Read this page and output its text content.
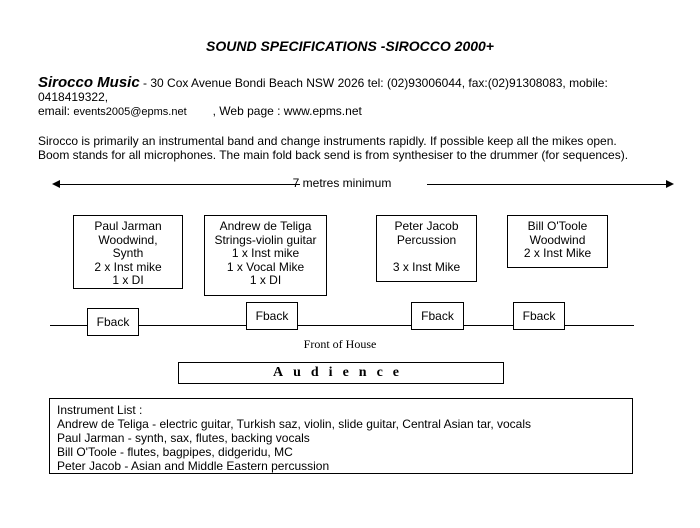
SOUND SPECIFICATIONS -SIROCCO 2000+
Sirocco Music - 30 Cox Avenue Bondi Beach NSW 2026 tel: (02)93006044, fax:(02)91308083, mobile:
0418419322,
email: events2005@epms.net , Web page : www.epms.net
Sirocco is primarily an instrumental band and change instruments rapidly. If possible keep all the mikes open.
Boom stands for all microphones. The main fold back send is from synthesiser to the drummer (for sequences).
7 metres minimum
Paul Jarman
Woodwind,
Synth
2 x Inst mike
1 x DI
Andrew de Teliga
Strings-violin guitar
1 x Inst mike
1 x Vocal Mike
1 x DI
Peter Jacob
Percussion
3 x Inst Mike
Bill O'Toole
Woodwind
2 x Inst Mike
Fback	Fback	Fback	Fback
Front of House
Audience
Instrument List :
Andrew de Teliga - electric guitar, Turkish saz, violin, slide guitar, Central Asian tar, vocals
Paul Jarman - synth, sax, flutes, backing vocals
Bill O'Toole - flutes, bagpipes, didgeridu, MC
Peter Jacob - Asian and Middle Eastern percussion
